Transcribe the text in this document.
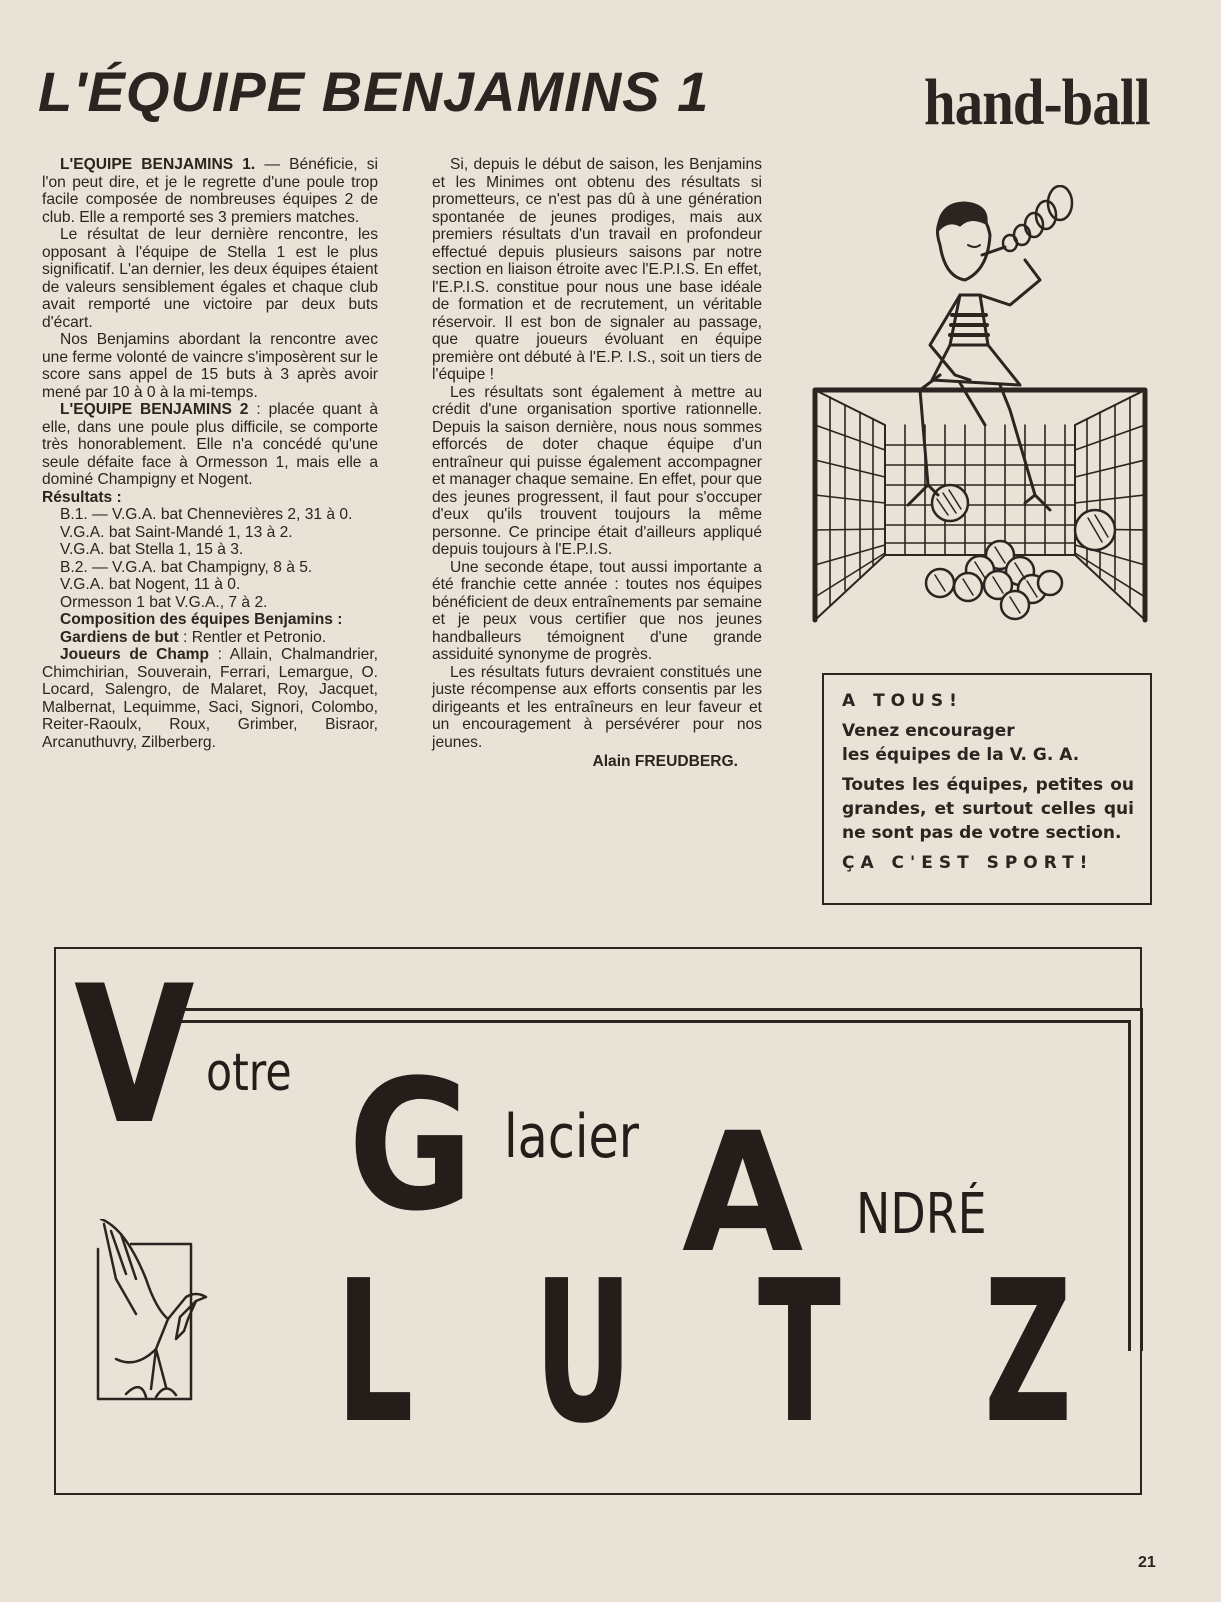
L'ÉQUIPE BENJAMINS 1	hand-ball

L'EQUIPE BENJAMINS 1. — Bénéficie, si l'on peut dire, et je le regrette d'une poule trop facile composée de nombreuses équipes 2 de club. Elle a remporté ses 3 premiers matches.

Le résultat de leur dernière rencontre, les opposant à l'équipe de Stella 1 est le plus significatif. L'an dernier, les deux équipes étaient de valeurs sensiblement égales et chaque club avait remporté une victoire par deux buts d'écart.

Nos Benjamins abordant la rencontre avec une ferme volonté de vaincre s'imposèrent sur le score sans appel de 15 buts à 3 après avoir mené par 10 à 0 à la mi-temps.

L'EQUIPE BENJAMINS 2 : placée quant à elle, dans une poule plus difficile, se comporte très honorablement. Elle n'a concédé qu'une seule défaite face à Ormesson 1, mais elle a dominé Champigny et Nogent.

Résultats :

B.1. — V.G.A. bat Chennevières 2, 31 à 0.

V.G.A. bat Saint-Mandé 1, 13 à 2.

V.G.A. bat Stella 1, 15 à 3.

B.2. — V.G.A. bat Champigny, 8 à 5.

V.G.A. bat Nogent, 11 à 0.

Ormesson 1 bat V.G.A., 7 à 2.

Composition des équipes Benjamins :

Gardiens de but : Rentler et Petronio.

Joueurs de Champ : Allain, Chalmandrier, Chimchirian, Souverain, Ferrari, Lemargue, O. Locard, Salengro, de Malaret, Roy, Jacquet, Malbernat, Lequimme, Saci, Signori, Colombo, Reiter-Raoulx, Roux, Grimber, Bisraor, Arcanuthuvry, Zilberberg.

Si, depuis le début de saison, les Benjamins et les Minimes ont obtenu des résultats si prometteurs, ce n'est pas dû à une génération spontanée de jeunes prodiges, mais aux premiers résultats d'un travail en profondeur effectué depuis plusieurs saisons par notre section en liaison étroite avec l'E.P.I.S. En effet, l'E.P.I.S. constitue pour nous une base idéale de formation et de recrutement, un véritable réservoir. Il est bon de signaler au passage, que quatre joueurs évoluant en équipe première ont débuté à l'E.P. I.S., soit un tiers de l'équipe !

Les résultats sont également à mettre au crédit d'une organisation sportive rationnelle. Depuis la saison dernière, nous nous sommes efforcés de doter chaque équipe d'un entraîneur qui puisse également accompagner et manager chaque semaine. En effet, pour que des jeunes progressent, il faut pour s'occuper d'eux qu'ils trouvent toujours la même personne. Ce principe était d'ailleurs appliqué depuis toujours à l'E.P.I.S.

Une seconde étape, tout aussi importante a été franchie cette année : toutes nos équipes bénéficient de deux entraînements par semaine et je peux vous certifier que nos jeunes handballeurs témoignent d'une grande assiduité synonyme de progrès.

Les résultats futurs devraient constitués une juste récompense aux efforts consentis par les dirigeants et les entraîneurs en leur faveur et un encouragement à persévérer pour nos jeunes.

Alain FREUDBERG.
A TOUS!
Venez encourager
les équipes de la V. G. A.
Toutes les équipes, petites ou grandes, et surtout celles qui ne sont pas de votre section.
ÇA C'EST SPORT!
V otre G lacier A NDRÉ
L U T Z
21
